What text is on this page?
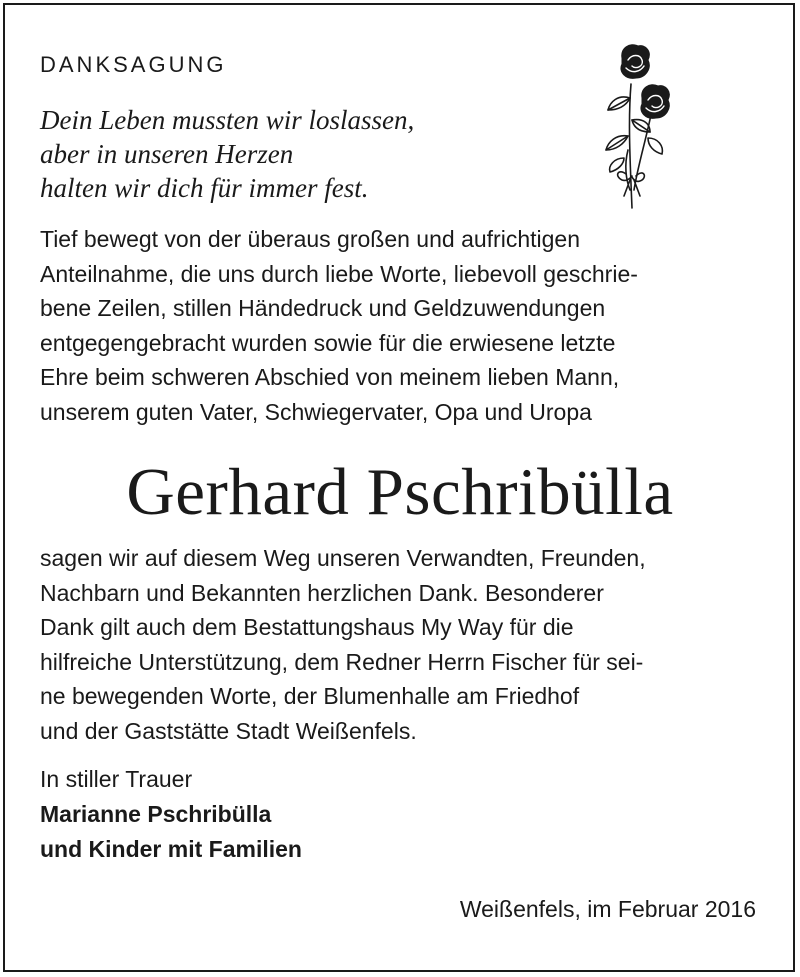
DANKSAGUNG
Dein Leben mussten wir loslassen,
aber in unseren Herzen
halten wir dich für immer fest.
Tief bewegt von der überaus großen und aufrichtigen
Anteilnahme, die uns durch liebe Worte, liebevoll geschrie-
bene Zeilen, stillen Händedruck und Geldzuwendungen
entgegengebracht wurden sowie für die erwiesene letzte
Ehre beim schweren Abschied von meinem lieben Mann,
unserem guten Vater, Schwiegervater, Opa und Uropa
Gerhard Pschribülla
sagen wir auf diesem Weg unseren Verwandten, Freunden,
Nachbarn und Bekannten herzlichen Dank. Besonderer
Dank gilt auch dem Bestattungshaus My Way für die
hilfreiche Unterstützung, dem Redner Herrn Fischer für sei-
ne bewegenden Worte, der Blumenhalle am Friedhof
und der Gaststätte Stadt Weißenfels.
In stiller Trauer
Marianne Pschribülla
und Kinder mit Familien
Weißenfels, im Februar 2016
